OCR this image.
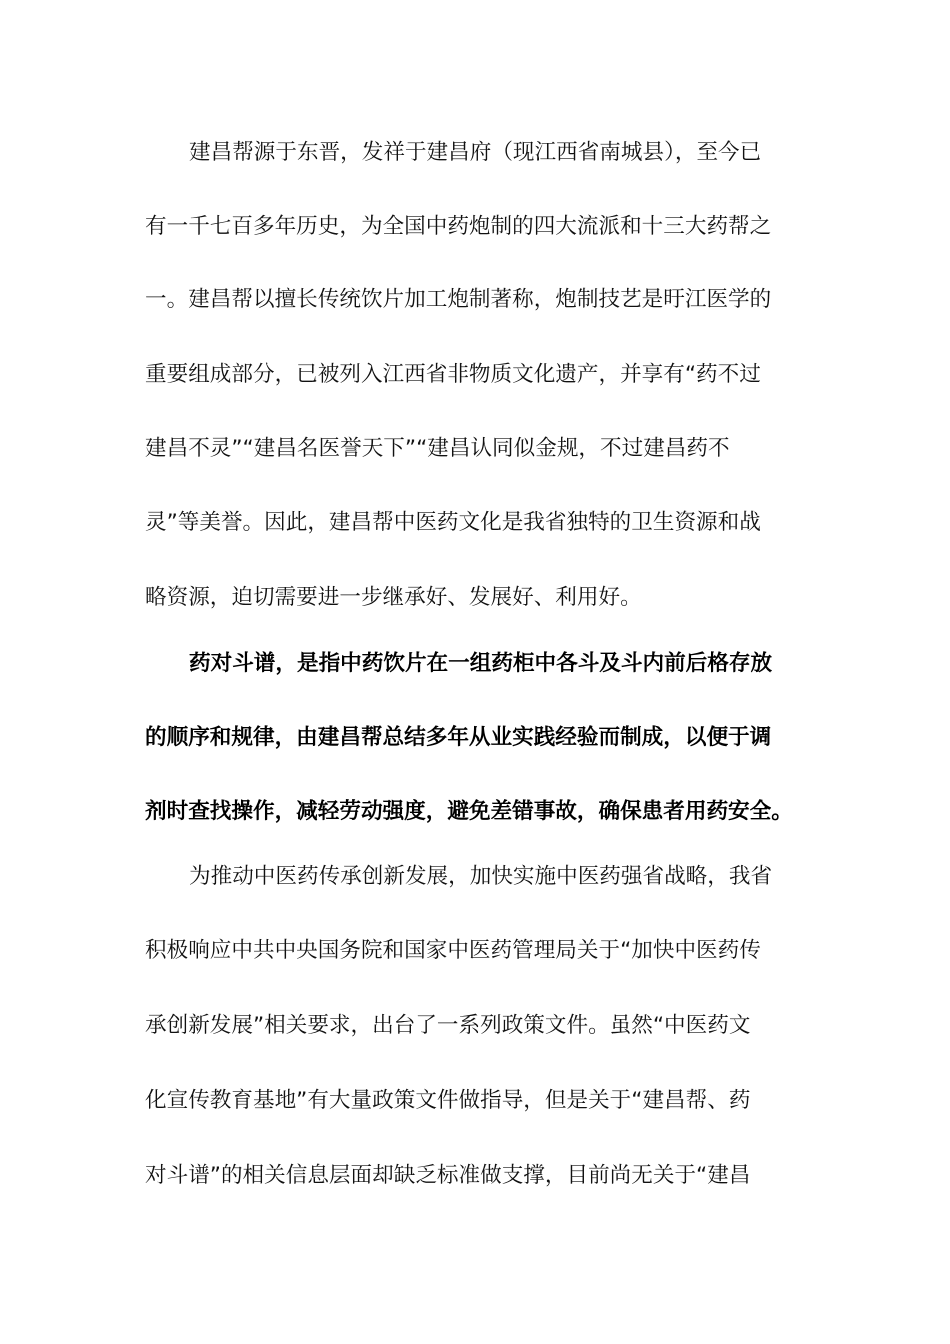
建昌帮源于东晋，发祥于建昌府（现江西省南城县），至今已
有一千七百多年历史，为全国中药炮制的四大流派和十三大药帮之
一。建昌帮以擅长传统饮片加工炮制著称，炮制技艺是旴江医学的
重要组成部分，已被列入江西省非物质文化遗产，并享有“药不过
建昌不灵”“建昌名医誉天下”“建昌认同似金规，不过建昌药不
灵”等美誉。因此，建昌帮中医药文化是我省独特的卫生资源和战
略资源，迫切需要进一步继承好、发展好、利用好。
药对斗谱，是指中药饮片在一组药柜中各斗及斗内前后格存放
的顺序和规律，由建昌帮总结多年从业实践经验而制成，以便于调
剂时查找操作，减轻劳动强度，避免差错事故，确保患者用药安全。
为推动中医药传承创新发展，加快实施中医药强省战略，我省
积极响应中共中央国务院和国家中医药管理局关于“加快中医药传
承创新发展”相关要求，出台了一系列政策文件。虽然“中医药文
化宣传教育基地”有大量政策文件做指导，但是关于“建昌帮、药
对斗谱”的相关信息层面却缺乏标准做支撑，目前尚无关于“建昌
